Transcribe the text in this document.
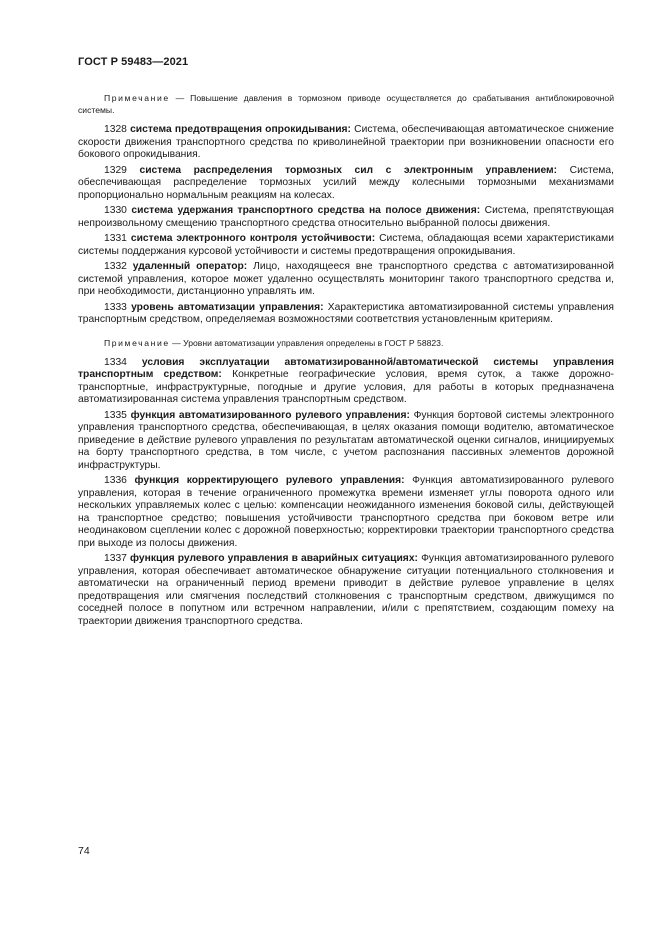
ГОСТ Р 59483—2021

Примечание — Повышение давления в тормозном приводе осуществляется до срабатывания антиблокировочной системы.

1328 система предотвращения опрокидывания: Система, обеспечивающая автоматическое снижение скорости движения транспортного средства по криволинейной траектории при возникновении опасности его бокового опрокидывания.

1329 система распределения тормозных сил с электронным управлением: Система, обеспечивающая распределение тормозных усилий между колесными тормозными механизмами пропорционально нормальным реакциям на колесах.

1330 система удержания транспортного средства на полосе движения: Система, препятствующая непроизвольному смещению транспортного средства относительно выбранной полосы движения.

1331 система электронного контроля устойчивости: Система, обладающая всеми характеристиками системы поддержания курсовой устойчивости и системы предотвращения опрокидывания.

1332 удаленный оператор: Лицо, находящееся вне транспортного средства с автоматизированной системой управления, которое может удаленно осуществлять мониторинг такого транспортного средства и, при необходимости, дистанционно управлять им.

1333 уровень автоматизации управления: Характеристика автоматизированной системы управления транспортным средством, определяемая возможностями соответствия установленным критериям.

Примечание — Уровни автоматизации управления определены в ГОСТ Р 58823.

1334 условия эксплуатации автоматизированной/автоматической системы управления транспортным средством: Конкретные географические условия, время суток, а также дорожно-транспортные, инфраструктурные, погодные и другие условия, для работы в которых предназначена автоматизированная система управления транспортным средством.

1335 функция автоматизированного рулевого управления: Функция бортовой системы электронного управления транспортного средства, обеспечивающая, в целях оказания помощи водителю, автоматическое приведение в действие рулевого управления по результатам автоматической оценки сигналов, инициируемых на борту транспортного средства, в том числе, с учетом распознания пассивных элементов дорожной инфраструктуры.

1336 функция корректирующего рулевого управления: Функция автоматизированного рулевого управления, которая в течение ограниченного промежутка времени изменяет углы поворота одного или нескольких управляемых колес с целью: компенсации неожиданного изменения боковой силы, действующей на транспортное средство; повышения устойчивости транспортного средства при боковом ветре или неодинаковом сцеплении колес с дорожной поверхностью; корректировки траектории транспортного средства при выходе из полосы движения.

1337 функция рулевого управления в аварийных ситуациях: Функция автоматизированного рулевого управления, которая обеспечивает автоматическое обнаружение ситуации потенциального столкновения и автоматически на ограниченный период времени приводит в действие рулевое управление в целях предотвращения или смягчения последствий столкновения с транспортным средством, движущимся по соседней полосе в попутном или встречном направлении, и/или с препятствием, создающим помеху на траектории движения транспортного средства.

74
